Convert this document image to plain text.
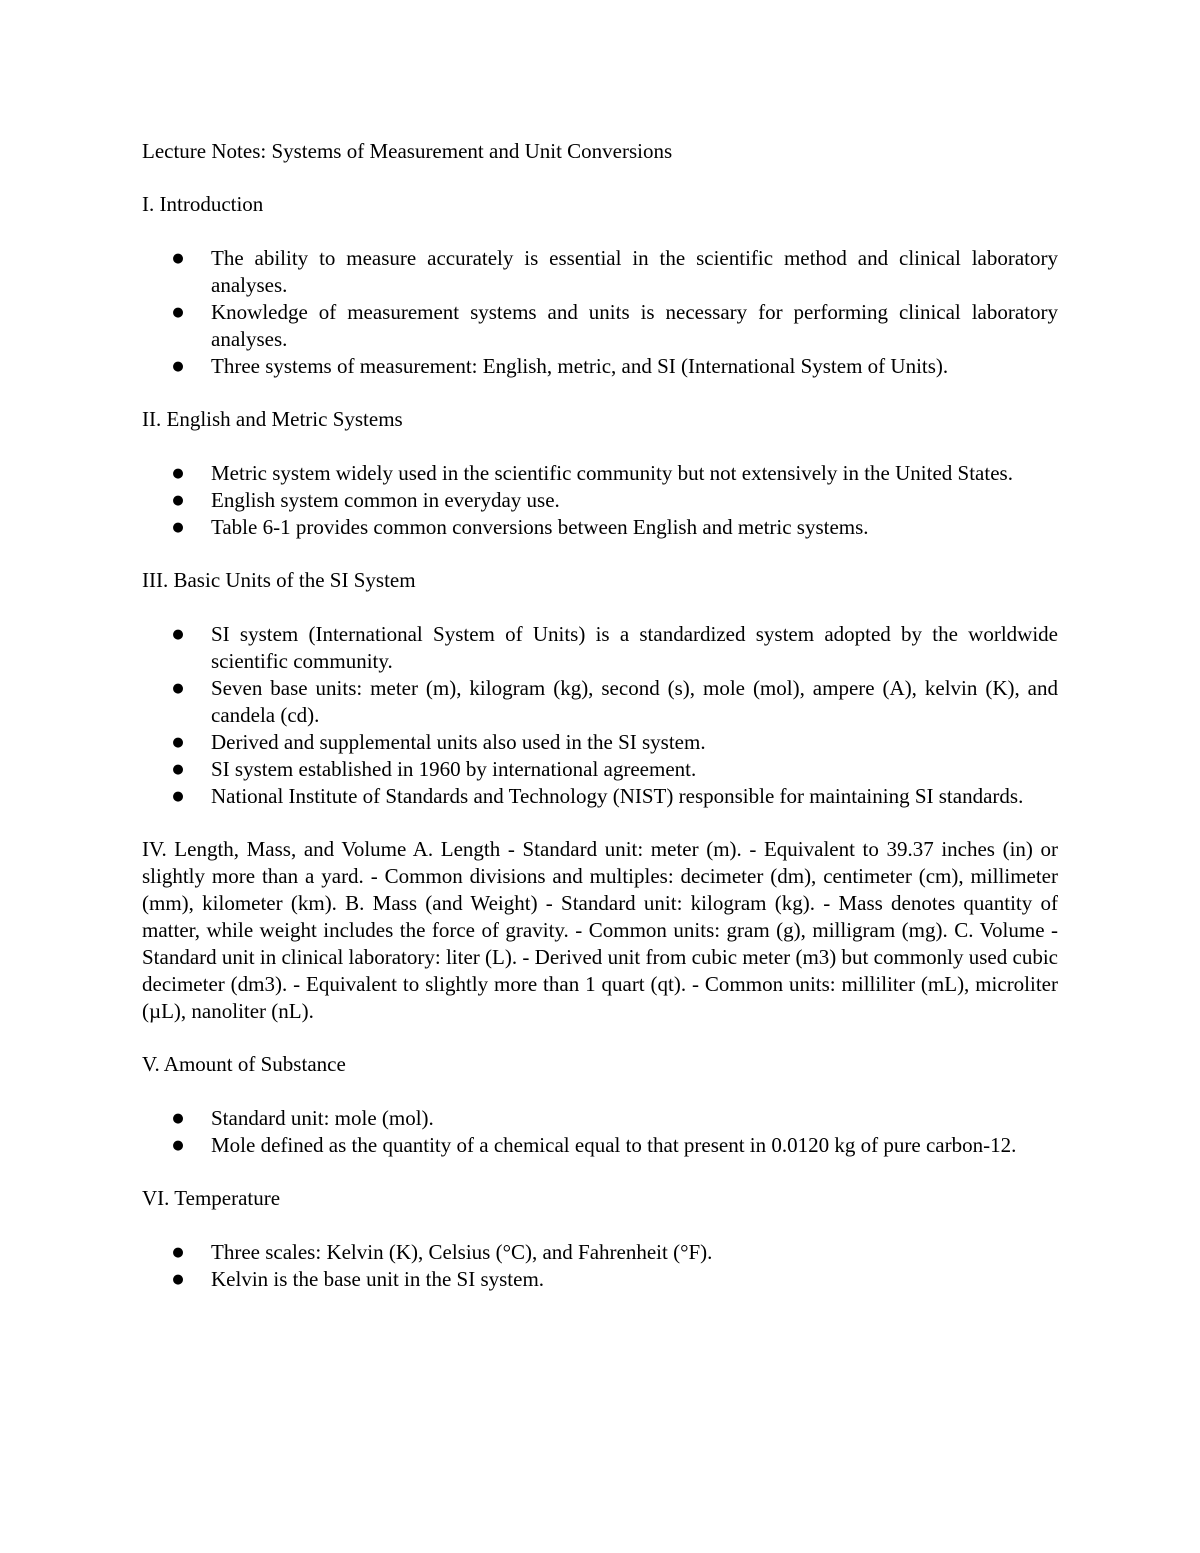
Lecture Notes: Systems of Measurement and Unit Conversions

I. Introduction

● The ability to measure accurately is essential in the scientific method and clinical laboratory analyses.
● Knowledge of measurement systems and units is necessary for performing clinical laboratory analyses.
● Three systems of measurement: English, metric, and SI (International System of Units).

II. English and Metric Systems

● Metric system widely used in the scientific community but not extensively in the United States.
● English system common in everyday use.
● Table 6-1 provides common conversions between English and metric systems.

III. Basic Units of the SI System

● SI system (International System of Units) is a standardized system adopted by the worldwide scientific community.
● Seven base units: meter (m), kilogram (kg), second (s), mole (mol), ampere (A), kelvin (K), and candela (cd).
● Derived and supplemental units also used in the SI system.
● SI system established in 1960 by international agreement.
● National Institute of Standards and Technology (NIST) responsible for maintaining SI standards.

IV. Length, Mass, and Volume A. Length - Standard unit: meter (m). - Equivalent to 39.37 inches (in) or slightly more than a yard. - Common divisions and multiples: decimeter (dm), centimeter (cm), millimeter (mm), kilometer (km). B. Mass (and Weight) - Standard unit: kilogram (kg). - Mass denotes quantity of matter, while weight includes the force of gravity. - Common units: gram (g), milligram (mg). C. Volume - Standard unit in clinical laboratory: liter (L). - Derived unit from cubic meter (m3) but commonly used cubic decimeter (dm3). - Equivalent to slightly more than 1 quart (qt). - Common units: milliliter (mL), microliter (µL), nanoliter (nL).

V. Amount of Substance

● Standard unit: mole (mol).
● Mole defined as the quantity of a chemical equal to that present in 0.0120 kg of pure carbon-12.

VI. Temperature

● Three scales: Kelvin (K), Celsius (°C), and Fahrenheit (°F).
● Kelvin is the base unit in the SI system.
